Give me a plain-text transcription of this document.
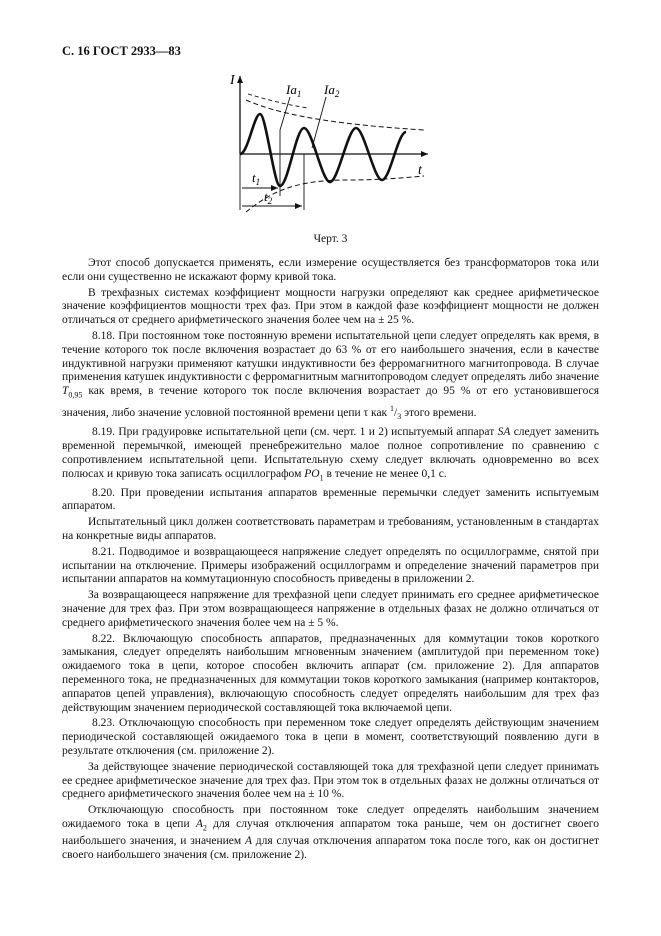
С. 16 ГОСТ 2933—83
$Ia_1$ $Ia_2$
$t_1$
$t_2$
I
t
Черт. 3

Этот способ допускается применять, если измерение осуществляется без трансформаторов тока или если они существенно не искажают форму кривой тока.

В трехфазных системах коэффициент мощности нагрузки определяют как среднее арифметическое значение коэффициентов мощности трех фаз. При этом в каждой фазе коэффициент мощности не должен отличаться от среднего арифметического значения более чем на ± 25 %.

8.18. При постоянном токе постоянную времени испытательной цепи следует определять как время, в течение которого ток после включения возрастает до 63 % от его наибольшего значения, если в качестве индуктивной нагрузки применяют катушки индуктивности без ферромагнитного магнитопровода. В случае применения катушек индуктивности с ферромагнитным магнитопроводом следует определять либо значение $T_{0,95}$ как время, в течение которого ток после включения возрастает до 95 % от его установившегося значения, либо значение условной постоянной времени цепи τ как $^1/_3$ этого времени.

8.19. При градуировке испытательной цепи (см. черт. 1 и 2) испытуемый аппарат SA следует заменить временной перемычкой, имеющей пренебрежительно малое полное сопротивление по сравнению с сопротивлением испытательной цепи. Испытательную схему следует включать одновременно во всех полюсах и кривую тока записать осциллографом $PO_1$ в течение не менее 0,1 с.

8.20. При проведении испытания аппаратов временные перемычки следует заменить испытуемым аппаратом.

Испытательный цикл должен соответствовать параметрам и требованиям, установленным в стандартах на конкретные виды аппаратов.

8.21. Подводимое и возвращающееся напряжение следует определять по осциллограмме, снятой при испытании на отключение. Примеры изображений осциллограмм и определение значений параметров при испытании аппаратов на коммутационную способность приведены в приложении 2.

За возвращающееся напряжение для трехфазной цепи следует принимать его среднее арифметическое значение для трех фаз. При этом возвращающееся напряжение в отдельных фазах не должно отличаться от среднего арифметического значения более чем на ± 5 %.

8.22. Включающую способность аппаратов, предназначенных для коммутации токов короткого замыкания, следует определять наибольшим мгновенным значением (амплитудой при переменном токе) ожидаемого тока в цепи, которое способен включить аппарат (см. приложение 2). Для аппаратов переменного тока, не предназначенных для коммутации токов короткого замыкания (например контакторов, аппаратов цепей управления), включающую способность следует определять наибольшим для трех фаз действующим значением периодической составляющей тока включаемой цепи.

8.23. Отключающую способность при переменном токе следует определять действующим значением периодической составляющей ожидаемого тока в цепи в момент, соответствующий появлению дуги в результате отключения (см. приложение 2).

За действующее значение периодической составляющей тока для трехфазной цепи следует принимать ее среднее арифметическое значение для трех фаз. При этом ток в отдельных фазах не должны отличаться от среднего арифметического значения более чем на ± 10 %.

Отключающую способность при постоянном токе следует определять наибольшим значением ожидаемого тока в цепи $A_2$ для случая отключения аппаратом тока раньше, чем он достигнет своего наибольшего значения, и значением A для случая отключения аппаратом тока после того, как он достигнет своего наибольшего значения (см. приложение 2).
